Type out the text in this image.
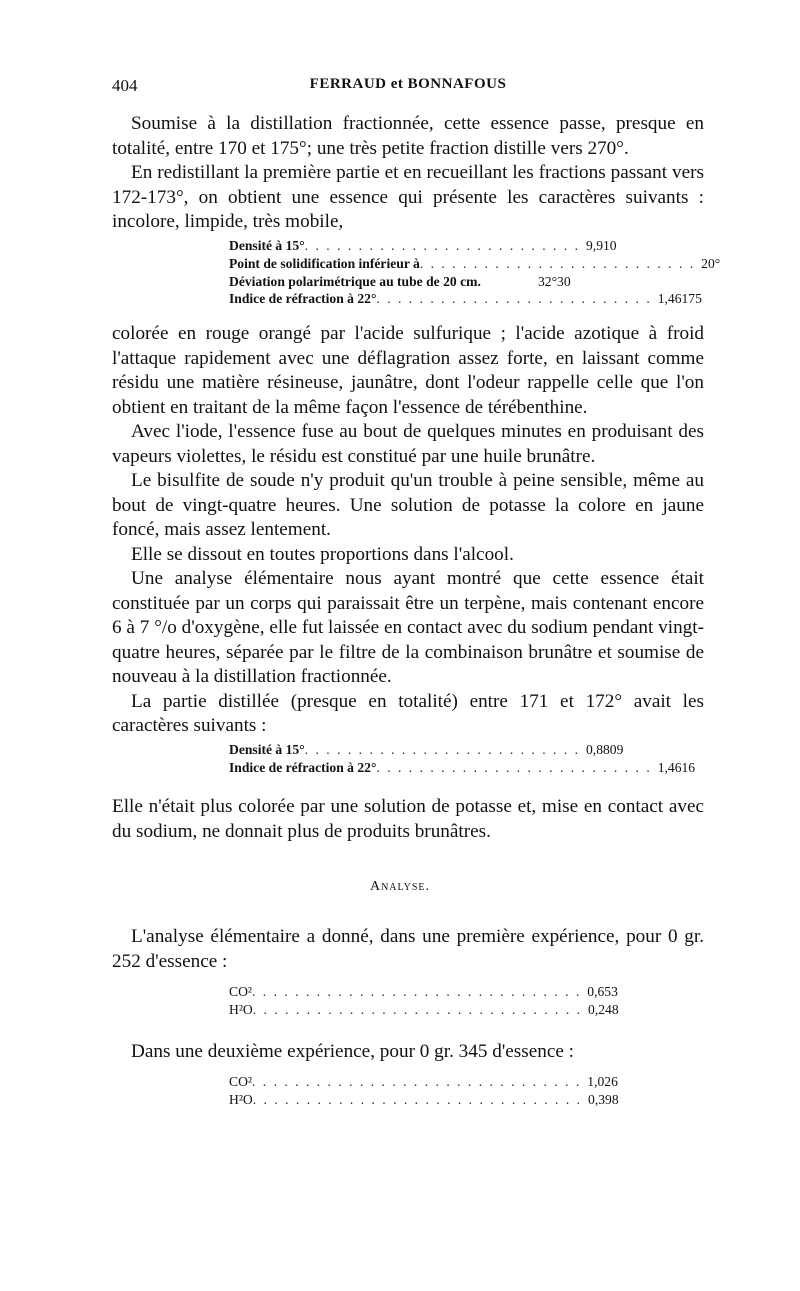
404	FERRAUD et BONNAFOUS

Soumise à la distillation fractionnée, cette essence passe, presque en totalité, entre 170 et 175°; une très petite fraction distille vers 270°.

En redistillant la première partie et en recueillant les fractions passant vers 172-173°, on obtient une essence qui présente les caractères suivants : incolore, limpide, très mobile,

Densité à 15° . . . . . . . . . . . . . . . . . . . . . . . . . . 9,910
Point de solidification inférieur à . . . . . . . . . . . . . . . . . . . . . . . . . . 20°
Déviation polarimétrique au tube de 20 cm.	32°30
Indice de réfraction à 22° . . . . . . . . . . . . . . . . . . . . . . . . . . 1,46175

colorée en rouge orangé par l'acide sulfurique ; l'acide azotique à froid l'attaque rapidement avec une déflagration assez forte, en laissant comme résidu une matière résineuse, jaunâtre, dont l'odeur rappelle celle que l'on obtient en traitant de la même façon l'essence de térébenthine.

Avec l'iode, l'essence fuse au bout de quelques minutes en produisant des vapeurs violettes, le résidu est constitué par une huile brunâtre.

Le bisulfite de soude n'y produit qu'un trouble à peine sensible, même au bout de vingt-quatre heures. Une solution de potasse la colore en jaune foncé, mais assez lentement.

Elle se dissout en toutes proportions dans l'alcool.

Une analyse élémentaire nous ayant montré que cette essence était constituée par un corps qui paraissait être un terpène, mais contenant encore 6 à 7 °/o d'oxygène, elle fut laissée en contact avec du sodium pendant vingt-quatre heures, séparée par le filtre de la combinaison brunâtre et soumise de nouveau à la distillation fractionnée.

La partie distillée (presque en totalité) entre 171 et 172° avait les caractères suivants :

Densité à 15° . . . . . . . . . . . . . . . . . . . . . . . . . . 0,8809
Indice de réfraction à 22° . . . . . . . . . . . . . . . . . . . . . . . . . . 1,4616

Elle n'était plus colorée par une solution de potasse et, mise en contact avec du sodium, ne donnait plus de produits brunâtres.

Analyse.

L'analyse élémentaire a donné, dans une première expérience, pour 0 gr. 252 d'essence :

CO² . . . . . . . . . . . . . . . . . . . . . . . . . . . . . . . 0,653
H²O . . . . . . . . . . . . . . . . . . . . . . . . . . . . . . . 0,248

Dans une deuxième expérience, pour 0 gr. 345 d'essence :

CO² . . . . . . . . . . . . . . . . . . . . . . . . . . . . . . . 1,026
H²O . . . . . . . . . . . . . . . . . . . . . . . . . . . . . . . 0,398
